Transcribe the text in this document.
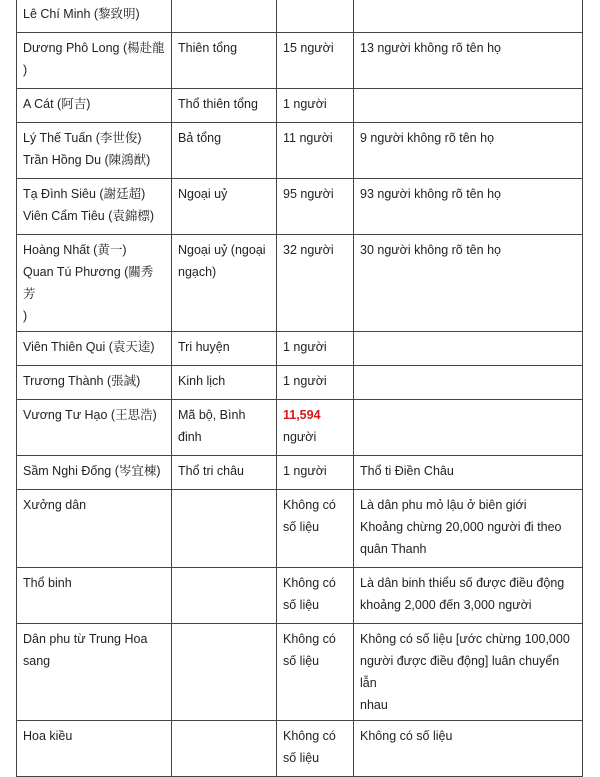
Lê Chí Minh (黎致明)			

Dương Phô Long (楊赴龍
)	Thiên tổng	15 người	13 người không rõ tên họ

A Cát (阿吉)	Thổ thiên tổng	1 người	

Lý Thế Tuấn (李世俊)
Trần Hồng Du (陳鴻猷)	Bả tổng	11 người	9 người không rõ tên họ

Tạ Đình Siêu (謝廷超)
Viên Cẩm Tiêu (袁錦標)	Ngoại uỷ	95 người	93 người không rõ tên họ

Hoàng Nhất (黄一)
Quan Tú Phương (關秀芳
)	Ngoại uỷ (ngoại
ngạch)	32 người	30 người không rõ tên họ

Viên Thiên Qui (袁天逵)	Tri huyện	1 người	

Trương Thành (張誠)	Kinh lịch	1 người	

Vương Tư Hạo (王思浩)	Mã bộ, Bình
đinh	11,594
người	

Sầm Nghi Đống (岑宜棟)	Thổ tri châu	1 người	Thổ ti Điền Châu

Xưởng dân		Không có
số liệu	Là dân phu mỏ lậu ở biên giới
Khoảng chừng 20,000 người đi theo
quân Thanh

Thổ binh		Không có
số liệu	Là dân binh thiểu số được điều động
khoảng 2,000 đến 3,000 người

Dân phu từ Trung Hoa
sang		Không có
số liệu	Không có số liệu [ước chừng 100,000
người được điều động] luân chuyển lẫn
nhau

Hoa kiều		Không có
số liệu	Không có số liệu
